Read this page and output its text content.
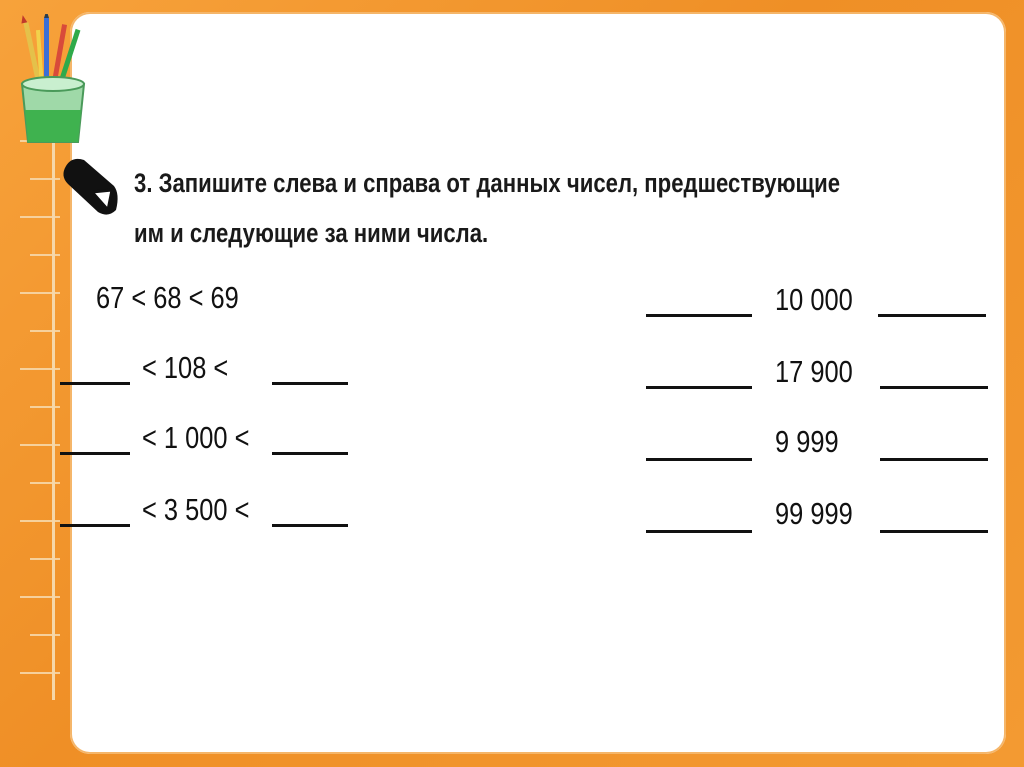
3. Запишите слева и справа от данных чисел, предшествующие
им и следующие за ними числа.
67 < 68 < 69
< 108 <
< 1 000 <
< 3 500 <
10 000
17 900
9 999
99 999
